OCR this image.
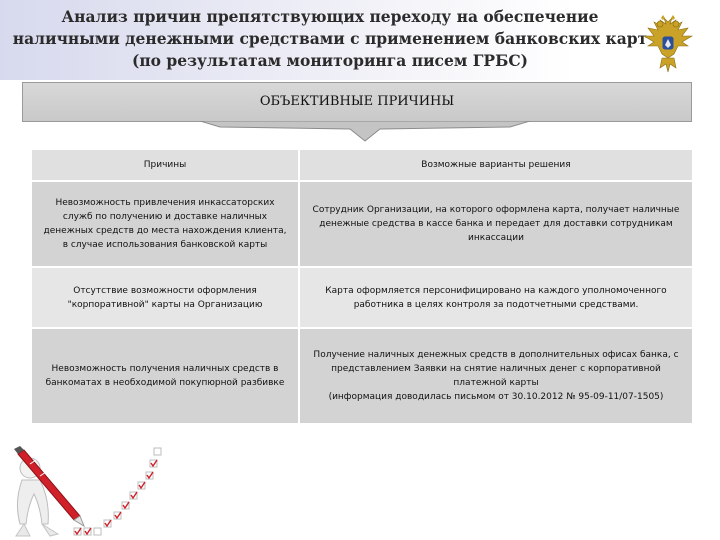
Анализ причин препятствующих переходу на обеспечение
наличными денежными средствами с применением банковских карт
(по результатам мониторинга писем ГРБС)
ОБЪЕКТИВНЫЕ ПРИЧИНЫ
Причины	Возможные варианты решения
Невозможность привлечения инкассаторских служб по получению и доставке наличных денежных средств до места нахождения клиента, в случае использования банковской карты	Сотрудник Организации, на которого оформлена карта, получает наличные денежные средства в кассе банка и передает для доставки сотрудникам инкассации
Отсутствие возможности оформления "корпоративной" карты на Организацию	Карта оформляется персонифицировано на каждого уполномоченного работника в целях контроля за подотчетными средствами.
Невозможность получения наличных средств в банкоматах в необходимой покупюрной разбивке	Получение наличных денежных средств в дополнительных офисах банка, с представлением Заявки на снятие наличных денег с корпоративной платежной карты
(информация доводилась письмом от 30.10.2012 № 95-09-11/07-1505)
